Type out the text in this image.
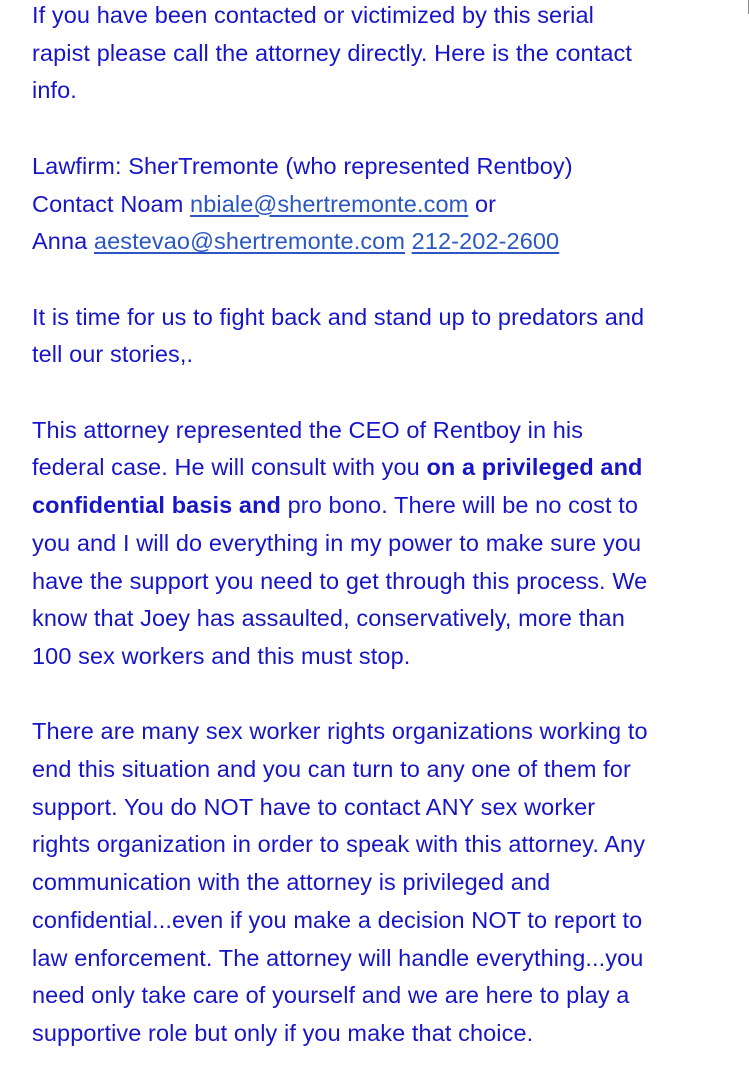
If you have been contacted or victimized by this serial
rapist please call the attorney directly. Here is the contact
info.

Lawfirm: SherTremonte (who represented Rentboy)
Contact Noam nbiale@shertremonte.com or
Anna aestevao@shertremonte.com 212-202-2600

It is time for us to fight back and stand up to predators and
tell our stories,.

This attorney represented the CEO of Rentboy in his
federal case. He will consult with you on a privileged and
confidential basis and pro bono. There will be no cost to
you and I will do everything in my power to make sure you
have the support you need to get through this process. We
know that Joey has assaulted, conservatively, more than
100 sex workers and this must stop.

There are many sex worker rights organizations working to
end this situation and you can turn to any one of them for
support. You do NOT have to contact ANY sex worker
rights organization in order to speak with this attorney. Any
communication with the attorney is privileged and
confidential...even if you make a decision NOT to report to
law enforcement. The attorney will handle everything...you
need only take care of yourself and we are here to play a
supportive role but only if you make that choice.
